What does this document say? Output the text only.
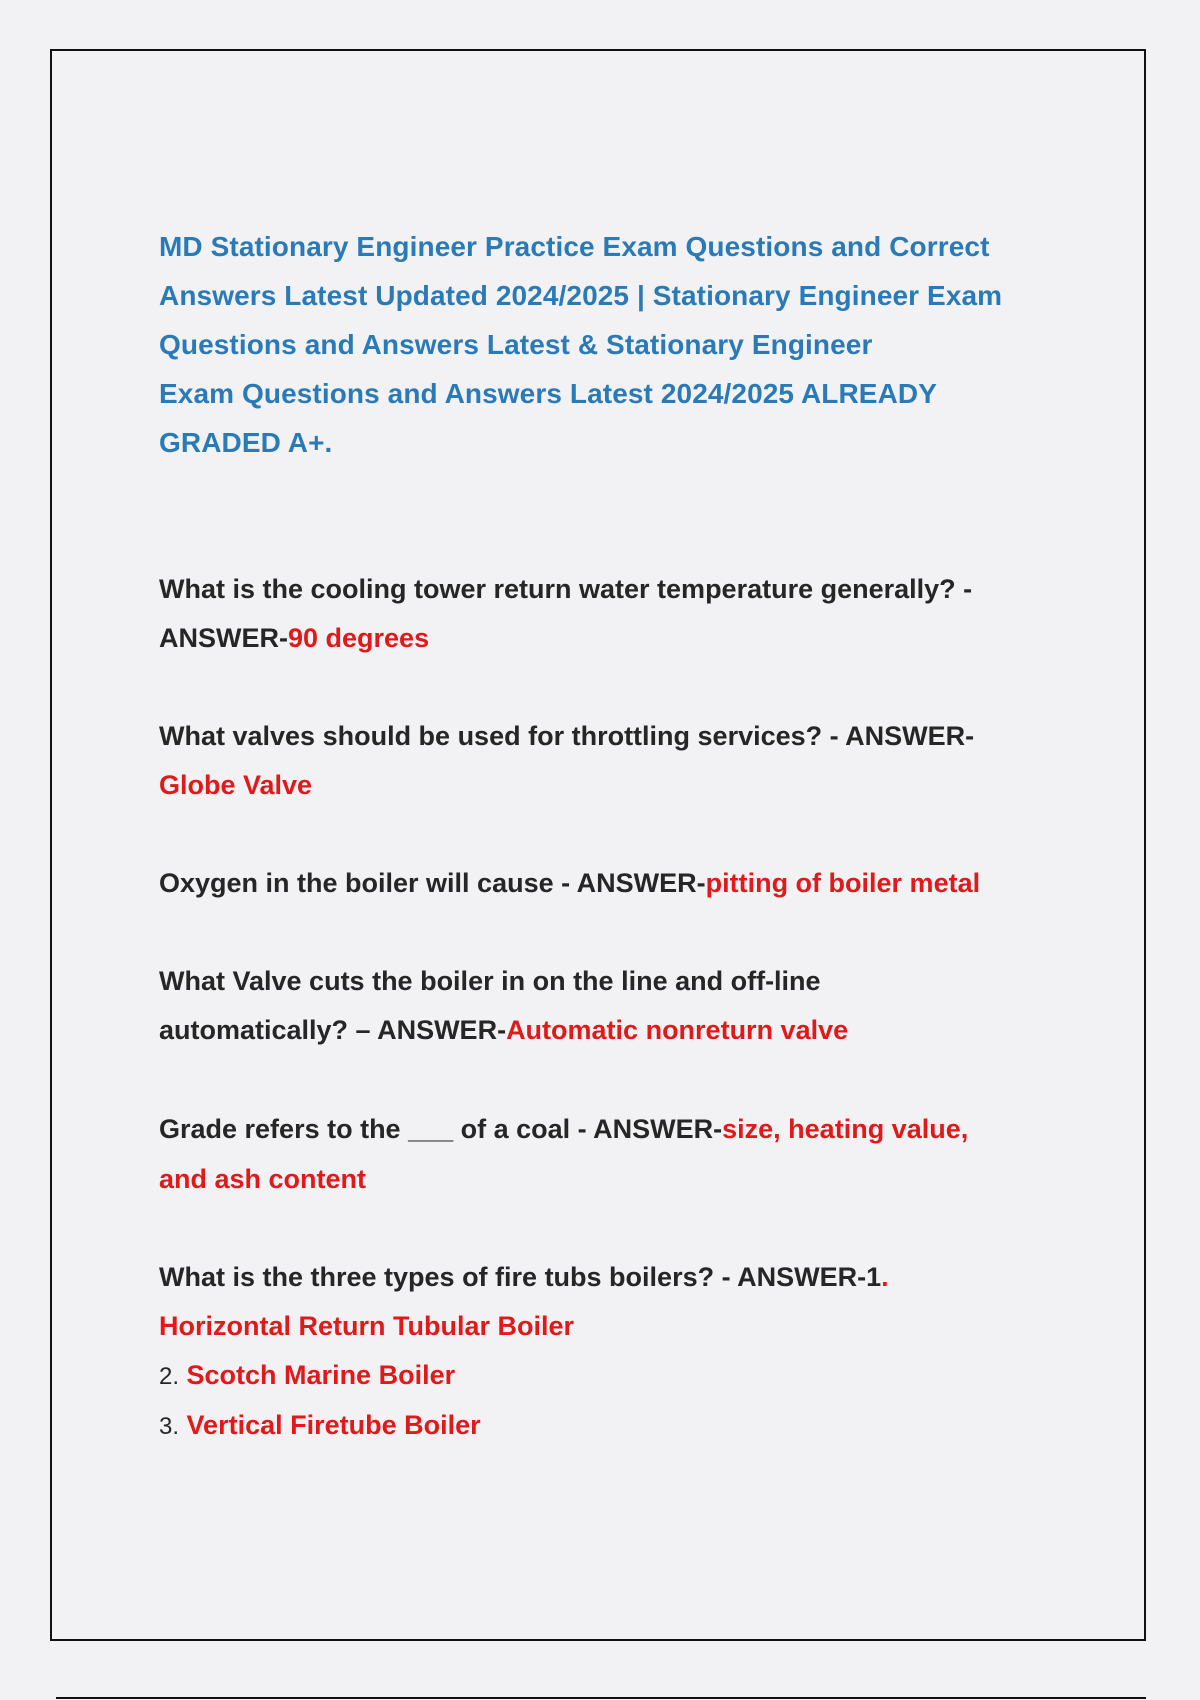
MD Stationary Engineer Practice Exam Questions and Correct
Answers Latest Updated 2024/2025 | Stationary Engineer Exam
Questions and Answers Latest & Stationary Engineer
Exam Questions and Answers Latest 2024/2025 ALREADY
GRADED A+.
What is the cooling tower return water temperature generally? -
ANSWER-90 degrees
What valves should be used for throttling services? - ANSWER-
Globe Valve
Oxygen in the boiler will cause - ANSWER-pitting of boiler metal
What Valve cuts the boiler in on the line and off-line
automatically? – ANSWER-Automatic nonreturn valve
Grade refers to the ___ of a coal - ANSWER-size, heating value,
and ash content
What is the three types of fire tubs boilers? - ANSWER-1.
Horizontal Return Tubular Boiler
2. Scotch Marine Boiler
3. Vertical Firetube Boiler
